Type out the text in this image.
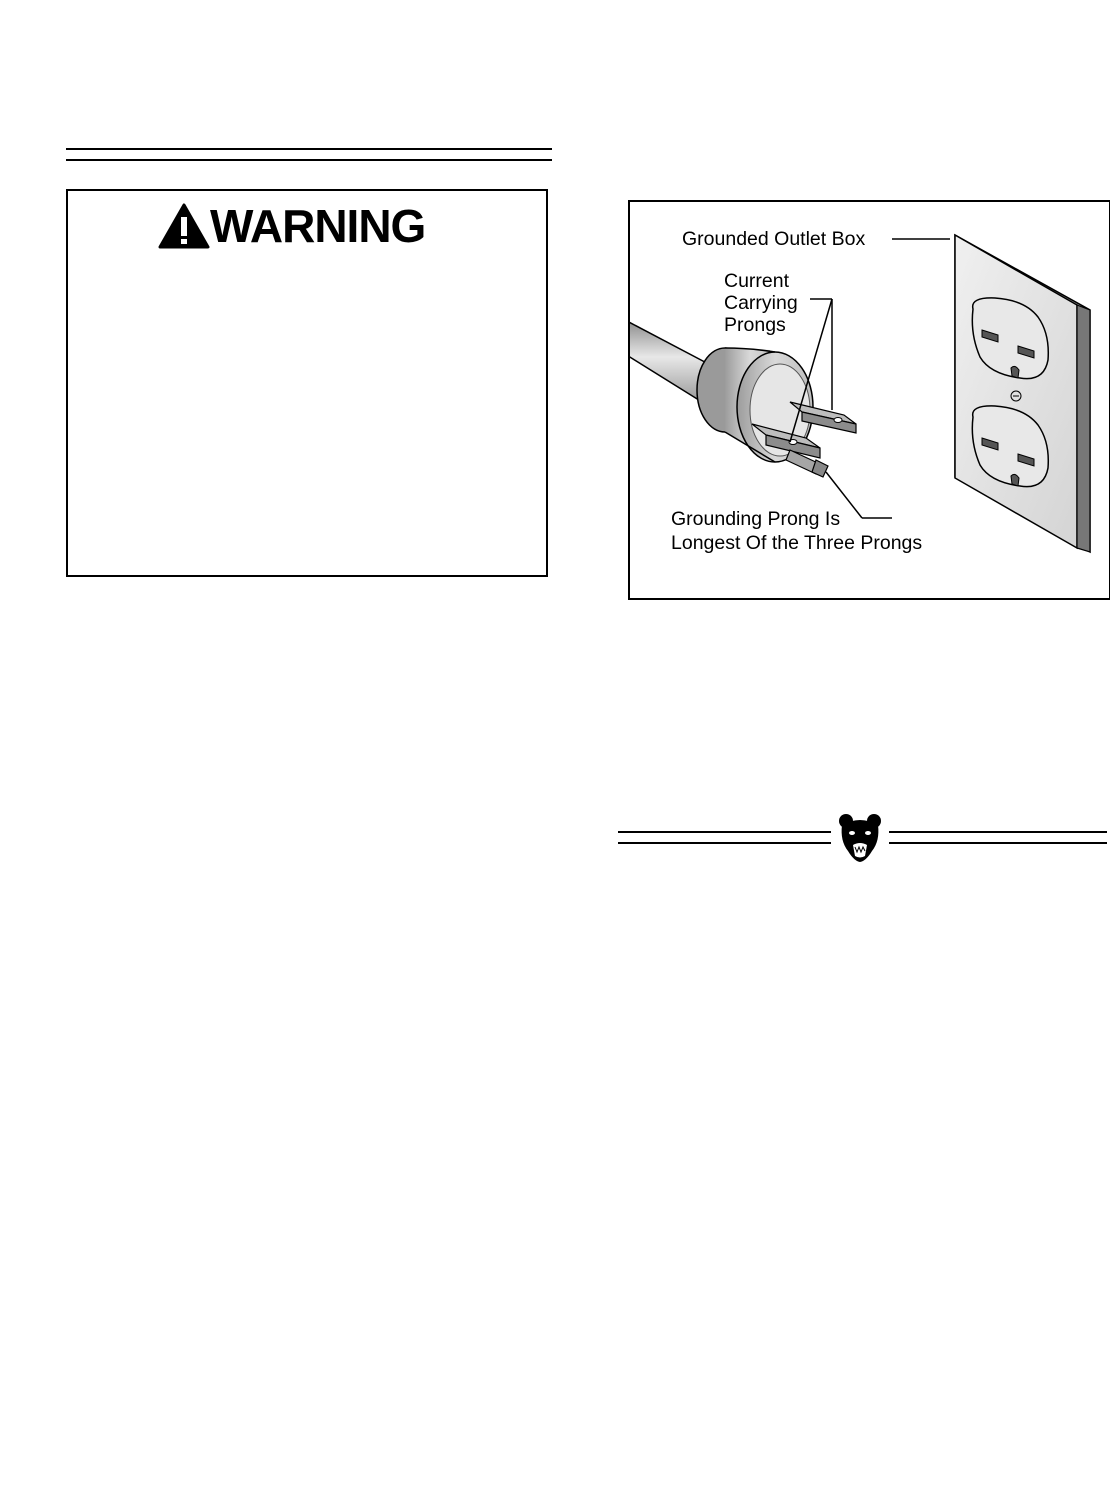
WARNING	Grounded Outlet Box
Current
Carrying
Prongs
Grounding Prong Is
Longest Of the Three Prongs
